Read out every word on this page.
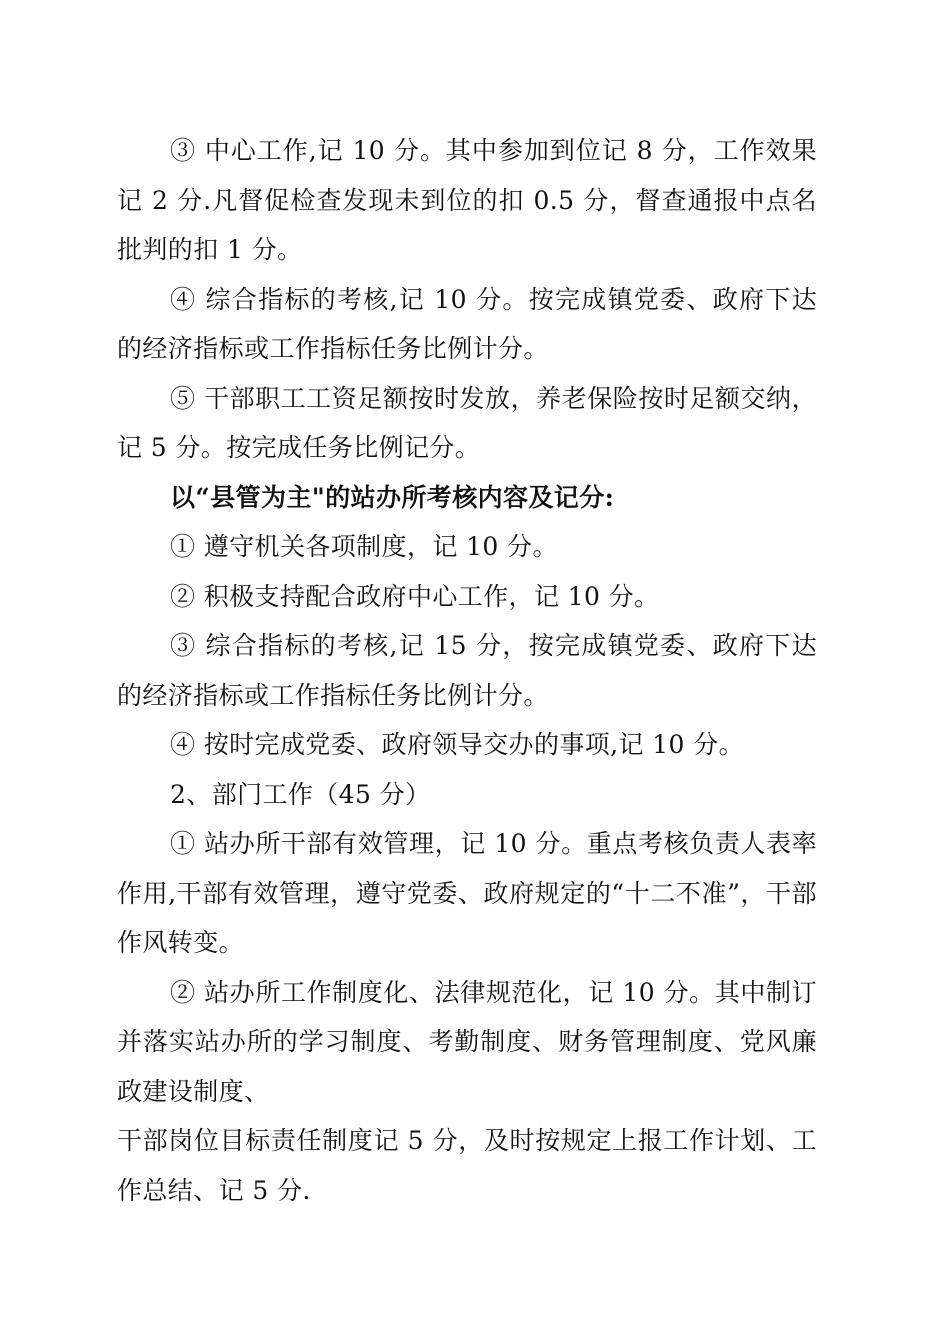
③ 中心工作,记 10 分。其中参加到位记 8 分，工作效果记 2 分.凡督促检查发现未到位的扣 0.5 分，督查通报中点名批判的扣 1 分。

④ 综合指标的考核,记 10 分。按完成镇党委、政府下达的经济指标或工作指标任务比例计分。

⑤ 干部职工工资足额按时发放，养老保险按时足额交纳，记 5 分。按完成任务比例记分。

以“县管为主"的站办所考核内容及记分:

① 遵守机关各项制度，记 10 分。

② 积极支持配合政府中心工作，记 10 分。

③ 综合指标的考核,记 15 分，按完成镇党委、政府下达的经济指标或工作指标任务比例计分。

④ 按时完成党委、政府领导交办的事项,记 10 分。

2、部门工作（45 分）

① 站办所干部有效管理，记 10 分。重点考核负责人表率作用,干部有效管理，遵守党委、政府规定的“十二不准”，干部作风转变。

② 站办所工作制度化、法律规范化，记 10 分。其中制订并落实站办所的学习制度、考勤制度、财务管理制度、党风廉政建设制度、

干部岗位目标责任制度记 5 分，及时按规定上报工作计划、工作总结、记 5 分.
